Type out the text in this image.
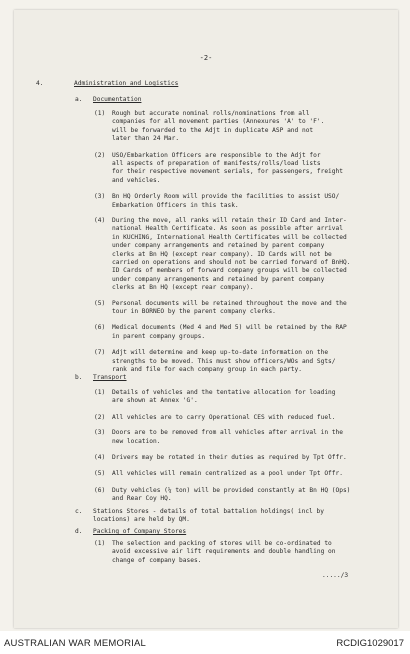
-2-
4.	Administration and Logistics
a. Documentation
(1) Rough but accurate nominal rolls/nominations from all
companies for all movement parties (Annexures 'A' to 'F'.
will be forwarded to the Adjt in duplicate ASP and not
later than 24 Mar.
(2) USO/Embarkation Officers are responsible to the Adjt for
all aspects of preparation of manifests/rolls/load lists
for their respective movement serials, for passengers, freight
and vehicles.
(3) Bn HQ Orderly Room will provide the facilities to assist USO/
Embarkation Officers in this task.
(4) During the move, all ranks will retain their ID Card and Inter-
national Health Certificate. As soon as possible after arrival
in KUCHING, International Health Certificates will be collected
under company arrangements and retained by parent company
clerks at Bn HQ (except rear company). ID Cards will not be
carried on operations and should not be carried forward of BnHQ.
ID Cards of members of forward company groups will be collected
under company arrangements and retained by parent company
clerks at Bn HQ (except rear company).
(5) Personal documents will be retained throughout the move and the
tour in BORNEO by the parent company clerks.
(6) Medical documents (Med 4 and Med 5) will be retained by the RAP
in parent company groups.
(7) Adjt will determine and keep up-to-date information on the
strengths to be moved. This must show officers/WOs and Sgts/
rank and file for each company group in each party.
b. Transport
(1) Details of vehicles and the tentative allocation for loading
are shown at Annex 'G'.
(2) All vehicles are to carry Operational CES with reduced fuel.
(3) Doors are to be removed from all vehicles after arrival in the
new location.
(4) Drivers may be rotated in their duties as required by Tpt Offr.
(5) All vehicles will remain centralized as a pool under Tpt Offr.
(6) Duty vehicles (¼ ton) will be provided constantly at Bn HQ (Ops)
and Rear Coy HQ.
c. Stations Stores - details of total battalion holdings( incl by
locations) are held by QM.
d. Packing of Company Stores
(1) The selection and packing of stores will be co-ordinated to
avoid excessive air lift requirements and double handling on
change of company bases.
...../3
AUSTRALIAN WAR MEMORIAL	RCDIG1029017
